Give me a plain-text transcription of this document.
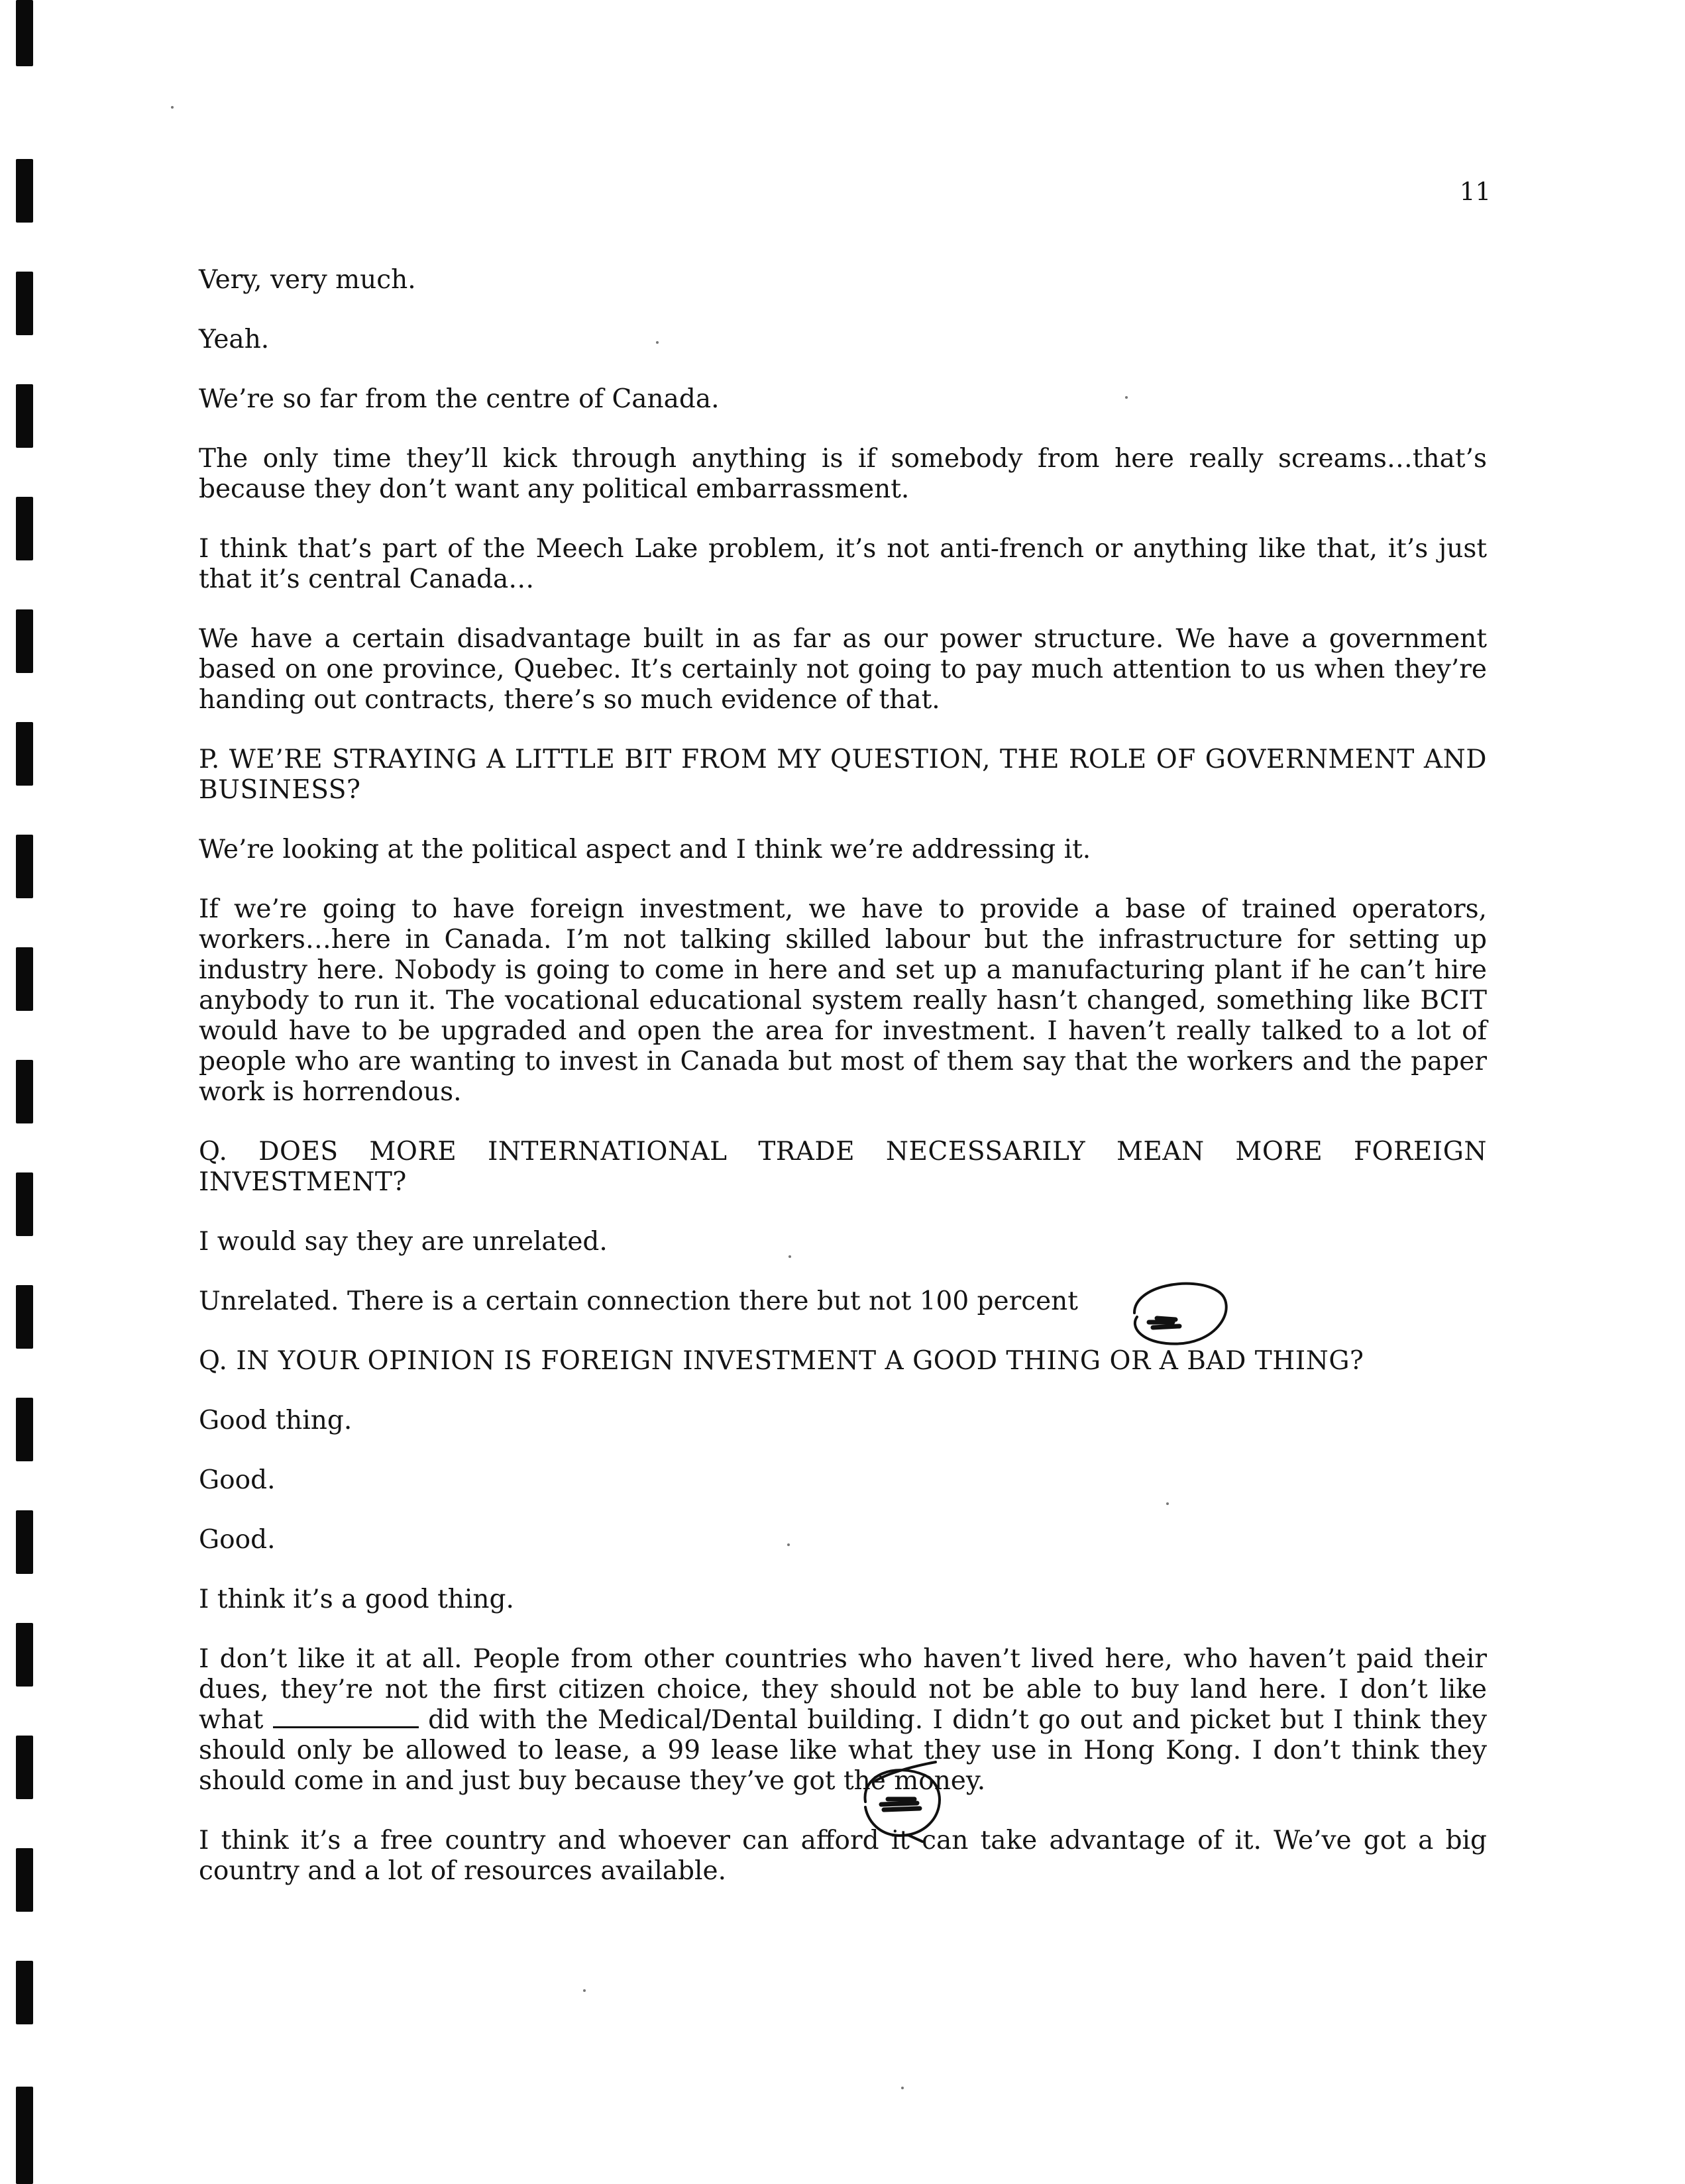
11

Very, very much.

Yeah.

We’re so far from the centre of Canada.

The only time they’ll kick through anything is if somebody from here really screams…that’s because they don’t want any political embarrassment.

I think that’s part of the Meech Lake problem, it’s not anti-french or anything like that, it’s just that it’s central Canada…

We have a certain disadvantage built in as far as our power structure. We have a government based on one province, Quebec. It’s certainly not going to pay much attention to us when they’re handing out contracts, there’s so much evidence of that.

P. WE’RE STRAYING A LITTLE BIT FROM MY QUESTION, THE ROLE OF GOVERNMENT AND BUSINESS?

We’re looking at the political aspect and I think we’re addressing it.

If we’re going to have foreign investment, we have to provide a base of trained operators, workers…here in Canada. I’m not talking skilled labour but the infrastructure for setting up industry here. Nobody is going to come in here and set up a manufacturing plant if he can’t hire anybody to run it. The vocational educational system really hasn’t changed, something like BCIT would have to be upgraded and open the area for investment. I haven’t really talked to a lot of people who are wanting to invest in Canada but most of them say that the workers and the paper work is horrendous.

Q. DOES MORE INTERNATIONAL TRADE NECESSARILY MEAN MORE FOREIGN INVESTMENT?

I would say they are unrelated.

Unrelated. There is a certain connection there but not 100 percent

Q. IN YOUR OPINION IS FOREIGN INVESTMENT A GOOD THING OR A BAD THING?

Good thing.

Good.

Good.

I think it’s a good thing.

I don’t like it at all. People from other countries who haven’t lived here, who haven’t paid their dues, they’re not the first citizen choice, they should not be able to buy land here. I don’t like what	did with the Medical/Dental building. I didn’t go out and picket but I think they should only be allowed to lease, a 99 lease like what they use in Hong Kong. I don’t think they should come in and just buy because they’ve got the money.

I think it’s a free country and whoever can afford it can take advantage of it. We’ve got a big country and a lot of resources available.
